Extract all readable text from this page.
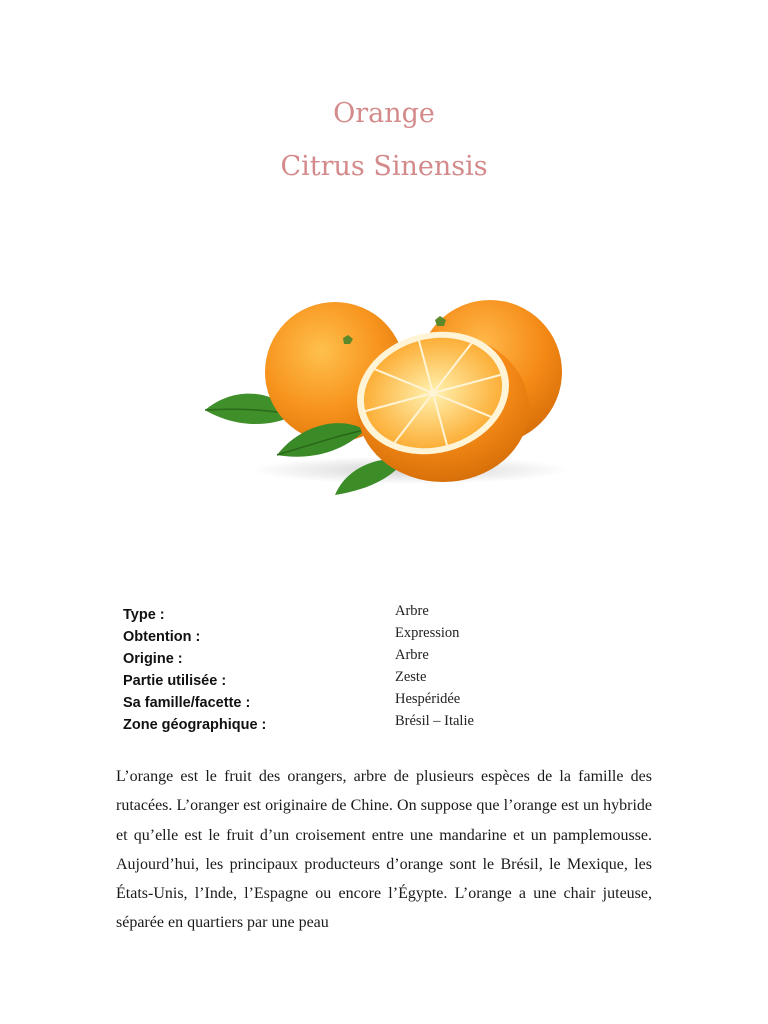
Orange
Citrus Sinensis
Type :
Obtention :
Origine :
Partie utilisée :
Sa famille/facette :
Zone géographique :
Arbre
Expression
Arbre
Zeste
Hespéridée
Brésil – Italie

L’orange est le fruit des orangers, arbre de plusieurs espèces de la famille des rutacées. L’oranger est originaire de Chine. On suppose que l’orange est un hybride et qu’elle est le fruit d’un croisement entre une mandarine et un pamplemousse. Aujourd’hui, les principaux producteurs d’orange sont le Brésil, le Mexique, les États-Unis, l’Inde, l’Espagne ou encore l’Égypte. L’orange a une chair juteuse, séparée en quartiers par une peau
